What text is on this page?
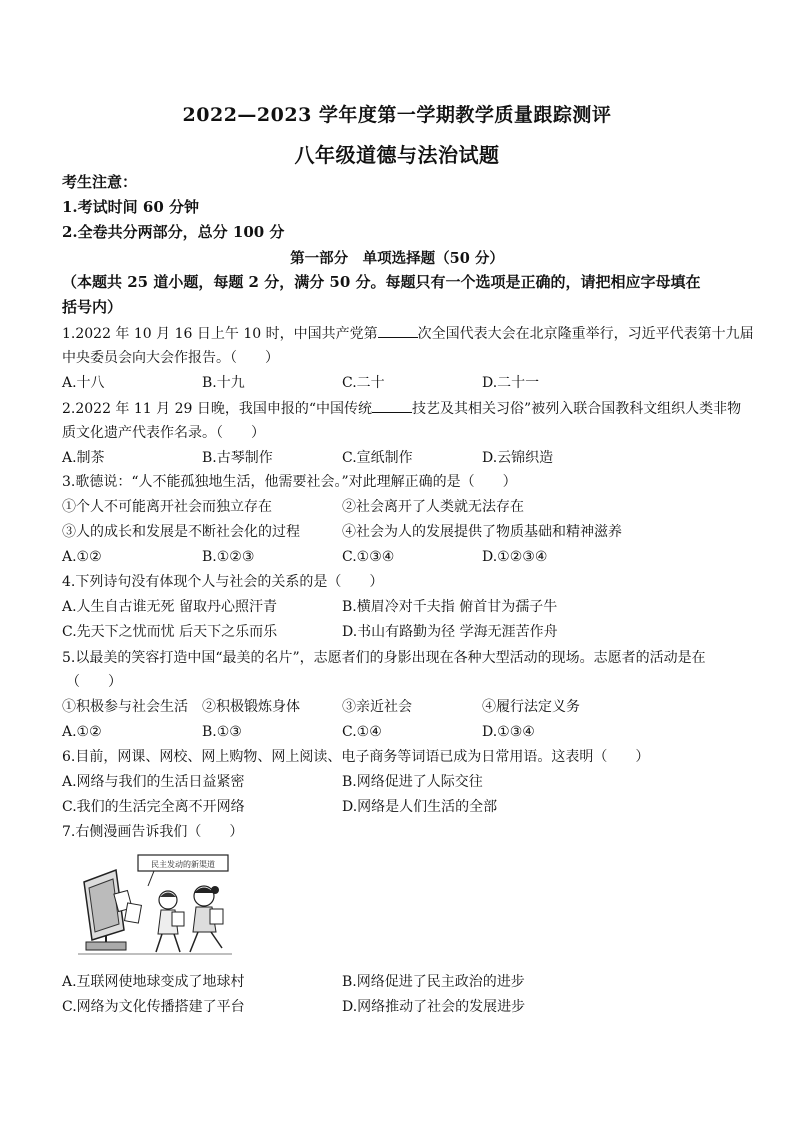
2022—2023 学年度第一学期教学质量跟踪测评
八年级道德与法治试题
考生注意：
1.考试时间 60 分钟
2.全卷共分两部分，总分 100 分
第一部分　单项选择题（50 分）
（本题共 25 道小题，每题 2 分，满分 50 分。每题只有一个选项是正确的，请把相应字母填在
括号内）
1.2022 年 10 月 16 日上午 10 时，中国共产党第	次全国代表大会在北京隆重举行，习近平代表第十九届
中央委员会向大会作报告。（　　）
A.十八	B.十九	C.二十	D.二十一
2.2022 年 11 月 29 日晚，我国申报的“中国传统	技艺及其相关习俗”被列入联合国教科文组织人类非物
质文化遗产代表作名录。（　　）
A.制茶	B.古琴制作	C.宣纸制作	D.云锦织造
3.歌德说：“人不能孤独地生活，他需要社会。”对此理解正确的是（　　）
①个人不可能离开社会而独立存在	②社会离开了人类就无法存在
③人的成长和发展是不断社会化的过程	④社会为人的发展提供了物质基础和精神滋养
A.①②	B.①②③	C.①③④	D.①②③④
4.下列诗句没有体现个人与社会的关系的是（　　）
A.人生自古谁无死 留取丹心照汗青	B.横眉冷对千夫指 俯首甘为孺子牛
C.先天下之忧而忧 后天下之乐而乐	D.书山有路勤为径 学海无涯苦作舟
5.以最美的笑容打造中国“最美的名片”，志愿者们的身影出现在各种大型活动的现场。志愿者的活动是在
（　　）
①积极参与社会生活 ②积极锻炼身体	③亲近社会	④履行法定义务
A.①②	B.①③	C.①④	D.①③④
6.目前，网课、网校、网上购物、网上阅读、电子商务等词语已成为日常用语。这表明（　　）
A.网络与我们的生活日益紧密	B.网络促进了人际交往
C.我们的生活完全离不开网络	D.网络是人们生活的全部
7.右侧漫画告诉我们（　　）
民主发动的新渠道
A.互联网使地球变成了地球村	B.网络促进了民主政治的进步
C.网络为文化传播搭建了平台	D.网络推动了社会的发展进步
